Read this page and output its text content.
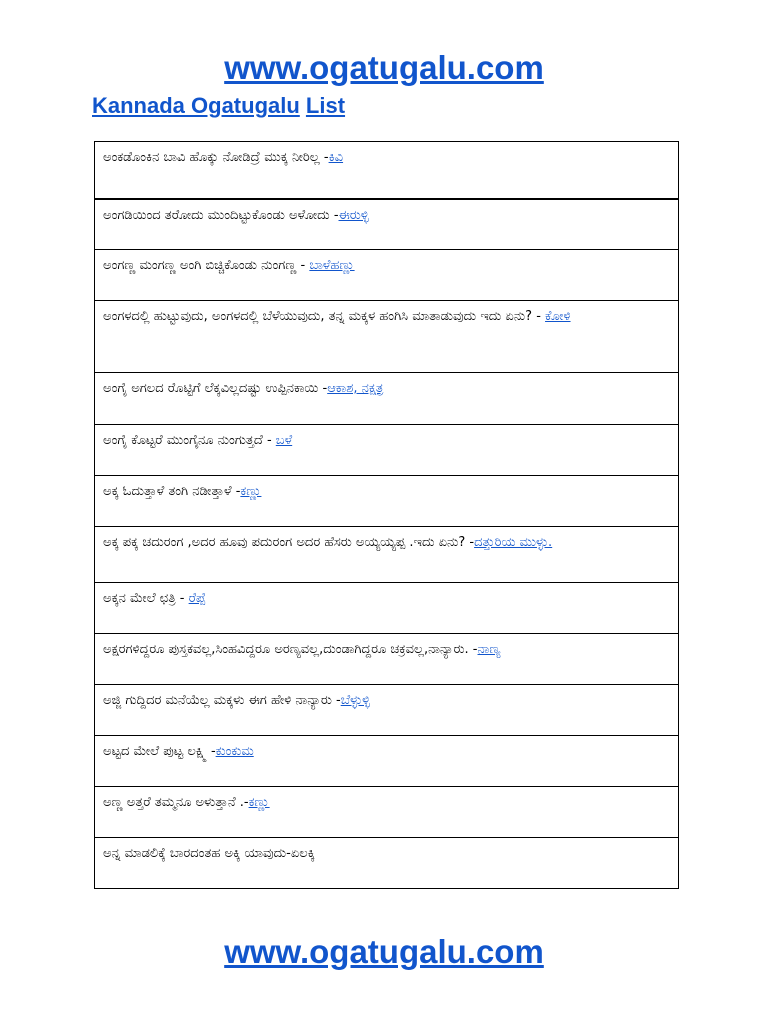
www.ogatugalu.com
Kannada Ogatugalu List
ಅಂಕಡೊಂಕಿನ ಬಾವಿ ಹೊಕ್ಕು ನೋಡಿದ್ರೆ ಮುಕ್ಕ ನೀರಿಲ್ಲ -ಕಿವಿ
ಅಂಗಡಿಯಿಂದ ತರೋದು ಮುಂದಿಟ್ಟುಕೊಂಡು ಅಳೋದು -ಈರುಳ್ಳಿ
ಅಂಗಣ್ಣ ಮಂಗಣ್ಣ ಅಂಗಿ ಬಿಚ್ಚಿಕೊಂಡು ನುಂಗಣ್ಣ - ಬಾಳೆಹಣ್ಣು
ಅಂಗಳದಲ್ಲಿ ಹುಟ್ಟುವುದು, ಅಂಗಳದಲ್ಲಿ ಬೆಳೆಯುವುದು, ತನ್ನ ಮಕ್ಕಳ ಹಂಗಿಸಿ ಮಾತಾಡುವುದು ಇದು ಏನು? - ಕೋಳಿ
ಅಂಗೈ ಅಗಲದ ರೊಟ್ಟಿಗೆ ಲೆಕ್ಕವಿಲ್ಲದಷ್ಟು ಉಪ್ಪಿನಕಾಯಿ -ಆಕಾಶ, ನಕ್ಷತ್ರ
ಅಂಗೈ ಕೊಟ್ಟರೆ ಮುಂಗೈನೂ ನುಂಗುತ್ತದೆ - ಬಳೆ
ಅಕ್ಕ ಓದುತ್ತಾಳೆ ತಂಗಿ ನಡೀತ್ತಾಳೆ -ಕಣ್ಣು
ಅಕ್ಕ ಪಕ್ಕ ಚದುರಂಗ ,ಅದರ ಹೂವು ಪದುರಂಗ ಅದರ ಹೆಸರು ಅಯ್ಯಯ್ಯಪ್ಪ .ಇದು ಏನು? -ದತ್ತುರಿಯ ಮುಳ್ಳು.
ಅಕ್ಕನ ಮೇಲೆ ಛತ್ರಿ - ರೆಪ್ಪೆ
ಅಕ್ಷರಗಳಿದ್ದರೂ ಪುಸ್ತಕವಲ್ಲ,ಸಿಂಹವಿದ್ದರೂ ಅರಣ್ಯವಲ್ಲ,ದುಂಡಾಗಿದ್ದರೂ ಚಕ್ರವಲ್ಲ,ನಾನ್ಯಾರು. -ನಾಣ್ಯ
ಅಜ್ಜಿ ಗುದ್ದಿದರ ಮನೆಯೆಲ್ಲ ಮಕ್ಕಳು ಈಗ ಹೇಳಿ ನಾನ್ಯಾರು -ಬೆಳ್ಳುಳ್ಳಿ
ಅಟ್ಟದ ಮೇಲೆ ಪುಟ್ಟ ಲಕ್ಷ್ಮಿ -ಕುಂಕುಮ
ಅಣ್ಣ ಅತ್ತರೆ ತಮ್ಮನೂ ಅಳುತ್ತಾನೆ .-ಕಣ್ಣು
ಅನ್ನ ಮಾಡಲಿಕ್ಕೆ ಬಾರದಂತಹ ಅಕ್ಕಿ ಯಾವುದು-ಏಲಕ್ಕಿ
www.ogatugalu.com
